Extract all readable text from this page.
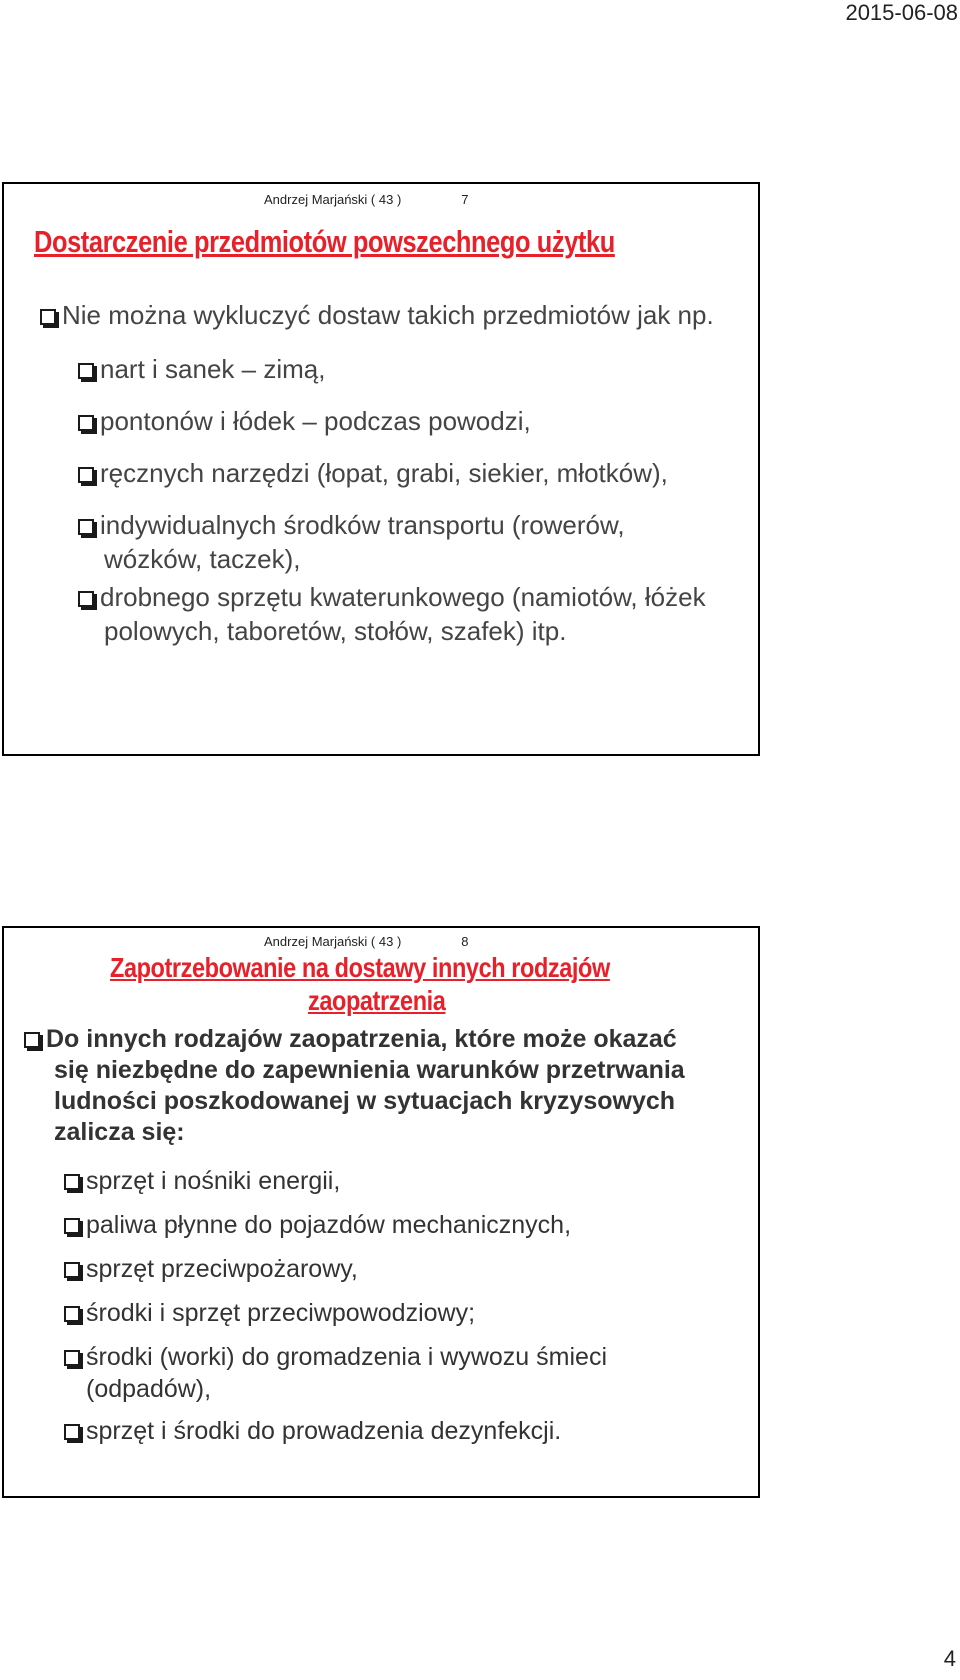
2015-06-08
Andrzej Marjański ( 43 )	7
Dostarczenie przedmiotów powszechnego użytku
Nie można wykluczyć dostaw takich przedmiotów jak np.
nart i sanek – zimą,
pontonów i łódek – podczas powodzi,
ręcznych narzędzi (łopat, grabi, siekier, młotków),
indywidualnych środków transportu (rowerów,
wózków, taczek),
drobnego sprzętu kwaterunkowego (namiotów, łóżek
polowych, taboretów, stołów, szafek) itp.
Andrzej Marjański ( 43 )	8
Zapotrzebowanie na dostawy innych rodzajów
zaopatrzenia
Do innych rodzajów zaopatrzenia, które może okazać
się niezbędne do zapewnienia warunków przetrwania
ludności poszkodowanej w sytuacjach kryzysowych
zalicza się:
sprzęt i nośniki energii,
paliwa płynne do pojazdów mechanicznych,
sprzęt przeciwpożarowy,
środki i sprzęt przeciwpowodziowy;
środki (worki) do gromadzenia i wywozu śmieci
(odpadów),
sprzęt i środki do prowadzenia dezynfekcji.
4
